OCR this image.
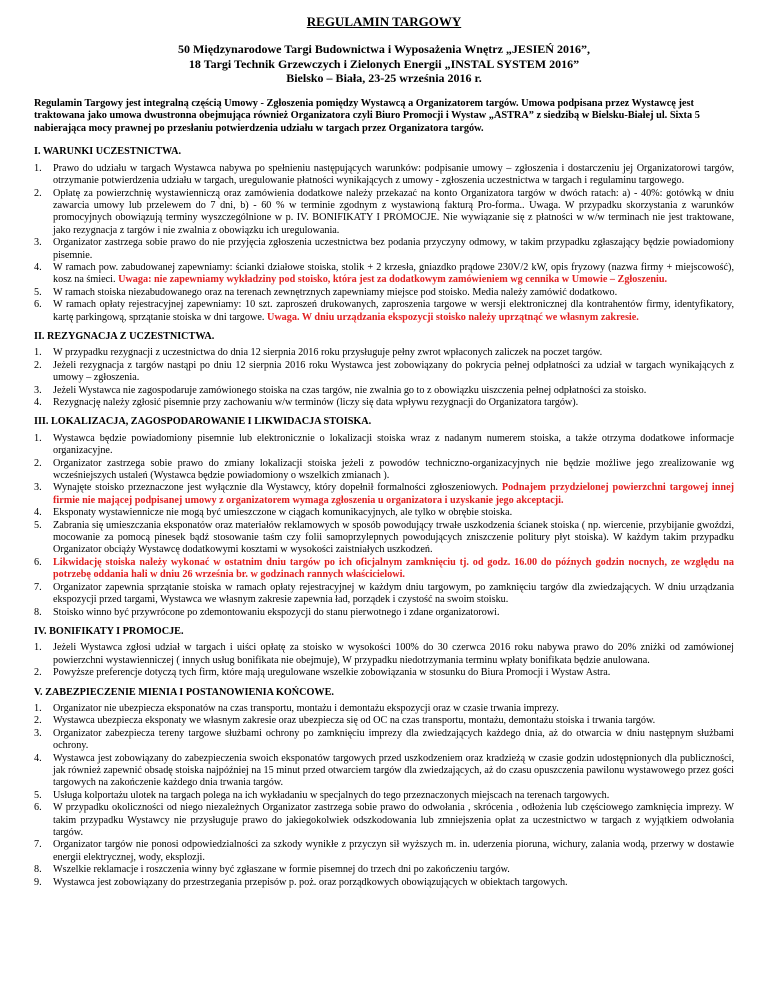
REGULAMIN TARGOWY
50 Międzynarodowe Targi Budownictwa i Wyposażenia Wnętrz „JESIEŃ 2016”,
18 Targi Technik Grzewczych i Zielonych Energii „INSTAL SYSTEM 2016”
Bielsko – Biała, 23-25 września 2016 r.
Regulamin Targowy jest integralną częścią Umowy - Zgłoszenia pomiędzy Wystawcą a Organizatorem targów. Umowa podpisana przez Wystawcę jest traktowana jako umowa dwustronna obejmująca również Organizatora czyli Biuro Promocji i Wystaw „ASTRA” z siedzibą w Bielsku-Białej ul. Sixta 5 nabierająca mocy prawnej po przesłaniu potwierdzenia udziału w targach przez Organizatora targów.
I. WARUNKI UCZESTNICTWA.
1. Prawo do udziału w targach Wystawca nabywa po spełnieniu następujących warunków: podpisanie umowy – zgłoszenia i dostarczeniu jej Organizatorowi targów, otrzymanie potwierdzenia udziału w targach, uregulowanie płatności wynikających z umowy - zgłoszenia uczestnictwa w targach i regulaminu targowego.
2. Opłatę za powierzchnię wystawienniczą oraz zamówienia dodatkowe należy przekazać na konto Organizatora targów w dwóch ratach: a) - 40%: gotówką w dniu zawarcia umowy lub przelewem do 7 dni, b) - 60 % w terminie zgodnym z wystawioną fakturą Pro-forma.. Uwaga. W przypadku skorzystania z warunków promocyjnych obowiązują terminy wyszczególnione w p. IV. BONIFIKATY I PROMOCJE. Nie wywiązanie się z płatności w w/w terminach nie jest traktowane, jako rezygnacja z targów i nie zwalnia z obowiązku ich uregulowania.
3. Organizator zastrzega sobie prawo do nie przyjęcia zgłoszenia uczestnictwa bez podania przyczyny odmowy, w takim przypadku zgłaszający będzie powiadomiony pisemnie.
4. W ramach pow. zabudowanej zapewniamy: ścianki działowe stoiska, stolik + 2 krzesła, gniazdko prądowe 230V/2 kW, opis fryzowy (nazwa firmy + miejscowość), kosz na śmieci. Uwaga: nie zapewniamy wykładziny pod stoisko, która jest za dodatkowym zamówieniem wg cennika w Umowie – Zgłoszeniu.
5. W ramach stoiska niezabudowanego oraz na terenach zewnętrznych zapewniamy miejsce pod stoisko. Media należy zamówić dodatkowo.
6. W ramach opłaty rejestracyjnej zapewniamy: 10 szt. zaproszeń drukowanych, zaproszenia targowe w wersji elektronicznej dla kontrahentów firmy, identyfikatory, kartę parkingową, sprzątanie stoiska w dni targowe. Uwaga. W dniu urządzania ekspozycji stoisko należy uprzątnąć we własnym zakresie.
II. REZYGNACJA Z UCZESTNICTWA.
1. W przypadku rezygnacji z uczestnictwa do dnia 12 sierpnia 2016 roku przysługuje pełny zwrot wpłaconych zaliczek na poczet targów.
2. Jeżeli rezygnacja z targów nastąpi po dniu 12 sierpnia 2016 roku Wystawca jest zobowiązany do pokrycia pełnej odpłatności za udział w targach wynikających z umowy – zgłoszenia.
3. Jeżeli Wystawca nie zagospodaruje zamówionego stoiska na czas targów, nie zwalnia go to z obowiązku uiszczenia pełnej odpłatności za stoisko.
4. Rezygnację należy zgłosić pisemnie przy zachowaniu w/w terminów (liczy się data wpływu rezygnacji do Organizatora targów).
III. LOKALIZACJA, ZAGOSPODAROWANIE I LIKWIDACJA STOISKA.
1. Wystawca będzie powiadomiony pisemnie lub elektronicznie o lokalizacji stoiska wraz z nadanym numerem stoiska, a także otrzyma dodatkowe informacje organizacyjne.
2. Organizator zastrzega sobie prawo do zmiany lokalizacji stoiska jeżeli z powodów techniczno-organizacyjnych nie będzie możliwe jego zrealizowanie wg wcześniejszych ustaleń (Wystawca będzie powiadomiony o wszelkich zmianach ).
3. Wynajęte stoisko przeznaczone jest wyłącznie dla Wystawcy, który dopełnił formalności zgłoszeniowych. Podnajem przydzielonej powierzchni targowej innej firmie nie mającej podpisanej umowy z organizatorem wymaga zgłoszenia u organizatora i uzyskanie jego akceptacji.
4. Eksponaty wystawiennicze nie mogą być umieszczone w ciągach komunikacyjnych, ale tylko w obrębie stoiska.
5. Zabrania się umieszczania eksponatów oraz materiałów reklamowych w sposób powodujący trwałe uszkodzenia ścianek stoiska ( np. wiercenie, przybijanie gwoździ, mocowanie za pomocą pinesek bądź stosowanie taśm czy folii samoprzylepnych powodujących zniszczenie politury płyt stoiska). W każdym takim przypadku Organizator obciąży Wystawcę dodatkowymi kosztami w wysokości zaistniałych uszkodzeń.
6. Likwidację stoiska należy wykonać w ostatnim dniu targów po ich oficjalnym zamknięciu tj. od godz. 16.00 do późnych godzin nocnych, ze względu na potrzebę oddania hali w dniu 26 września br. w godzinach rannych właścicielowi.
7. Organizator zapewnia sprzątanie stoiska w ramach opłaty rejestracyjnej w każdym dniu targowym, po zamknięciu targów dla zwiedzających. W dniu urządzania ekspozycji przed targami, Wystawca we własnym zakresie zapewnia ład, porządek i czystość na swoim stoisku.
8. Stoisko winno być przywrócone po zdemontowaniu ekspozycji do stanu pierwotnego i zdane organizatorowi.
IV. BONIFIKATY I PROMOCJE.
1. Jeżeli Wystawca zgłosi udział w targach i uiści opłatę za stoisko w wysokości 100% do 30 czerwca 2016 roku nabywa prawo do 20% zniżki od zamówionej powierzchni wystawienniczej ( innych usług bonifikata nie obejmuje), W przypadku niedotrzymania terminu wpłaty bonifikata będzie anulowana.
2. Powyższe preferencje dotyczą tych firm, które mają uregulowane wszelkie zobowiązania w stosunku do Biura Promocji i Wystaw Astra.
V. ZABEZPIECZENIE MIENIA I POSTANOWIENIA KOŃCOWE.
1. Organizator nie ubezpiecza eksponatów na czas transportu, montażu i demontażu ekspozycji oraz w czasie trwania imprezy.
2. Wystawca ubezpiecza eksponaty we własnym zakresie oraz ubezpiecza się od OC na czas transportu, montażu, demontażu stoiska i trwania targów.
3. Organizator zabezpiecza tereny targowe służbami ochrony po zamknięciu imprezy dla zwiedzających każdego dnia, aż do otwarcia w dniu następnym służbami ochrony.
4. Wystawca jest zobowiązany do zabezpieczenia swoich eksponatów targowych przed uszkodzeniem oraz kradzieżą w czasie godzin udostępnionych dla publiczności, jak również zapewnić obsadę stoiska najpóźniej na 15 minut przed otwarciem targów dla zwiedzających, aż do czasu opuszczenia pawilonu wystawowego przez gości targowych na zakończenie każdego dnia trwania targów.
5. Usługa kolportażu ulotek na targach polega na ich wykładaniu w specjalnych do tego przeznaczonych miejscach na terenach targowych.
6. W przypadku okoliczności od niego niezależnych Organizator zastrzega sobie prawo do odwołania , skrócenia , odłożenia lub częściowego zamknięcia imprezy. W takim przypadku Wystawcy nie przysługuje prawo do jakiegokolwiek odszkodowania lub zmniejszenia opłat za uczestnictwo w targach z wyjątkiem odwołania targów.
7. Organizator targów nie ponosi odpowiedzialności za szkody wynikłe z przyczyn sił wyższych m. in. uderzenia pioruna, wichury, zalania wodą, przerwy w dostawie energii elektrycznej, wody, eksplozji.
8. Wszelkie reklamacje i roszczenia winny być zgłaszane w formie pisemnej do trzech dni po zakończeniu targów.
9. Wystawca jest zobowiązany do przestrzegania przepisów p. poż. oraz porządkowych obowiązujących w obiektach targowych.
